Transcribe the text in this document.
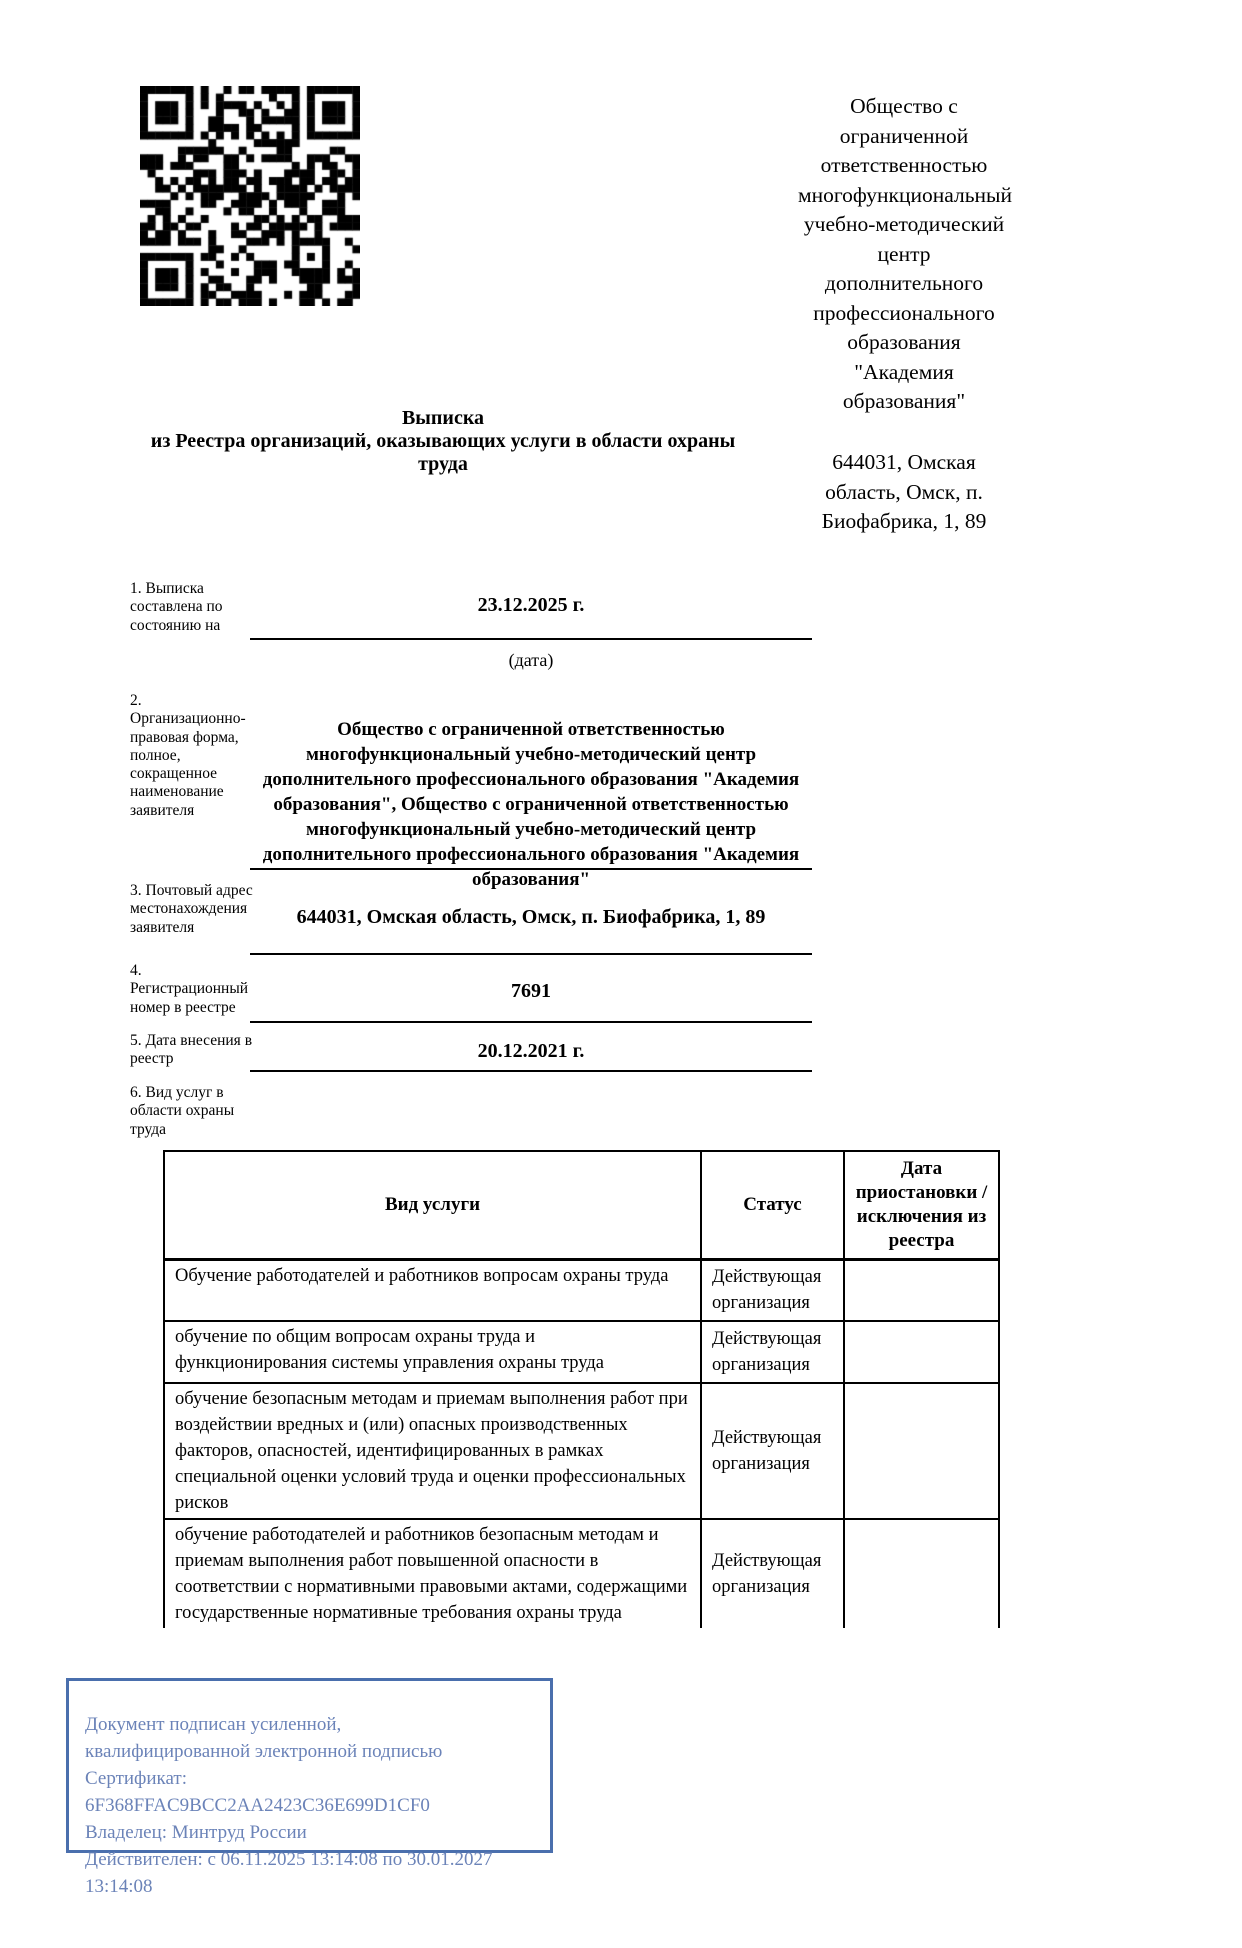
Общество с ограниченной ответственностью многофункциональный учебно-методический центр дополнительного профессионального образования "Академия образования"
Выписка
из Реестра организаций, оказывающих услуги в области охраны труда	644031, Омская область, Омск, п. Биофабрика, 1, 89
1. Выписка составлена по состоянию на
23.12.2025 г.
(дата)
2. Организационно-правовая форма, полное, сокращенное наименование заявителя
Общество с ограниченной ответственностью многофункциональный учебно-методический центр дополнительного профессионального образования "Академия образования", Общество с ограниченной ответственностью многофункциональный учебно-методический центр дополнительного профессионального образования "Академия образования"
3. Почтовый адрес местонахождения заявителя	644031, Омская область, Омск, п. Биофабрика, 1, 89
4. Регистрационный номер в реестре
7691
5. Дата внесения в реестр	20.12.2021 г.
6. Вид услуг в области охраны труда
Вид услуги	Статус	Дата приостановки / исключения из реестра
Обучение работодателей и работников вопросам охраны труда	Действующая организация	
обучение по общим вопросам охраны труда и функционирования системы управления охраны труда	Действующая организация	
обучение безопасным методам и приемам выполнения работ при воздействии вредных и (или) опасных производственных факторов, опасностей, идентифицированных в рамках специальной оценки условий труда и оценки профессиональных рисков	Действующая организация	
обучение работодателей и работников безопасным методам и приемам выполнения работ повышенной опасности в соответствии с нормативными правовыми актами, содержащими государственные нормативные требования охраны труда	Действующая организация	
Документ подписан усиленной, квалифицированной электронной подписью
Сертификат: 6F368FFAC9BCC2AA2423C36E699D1CF0
Владелец: Минтруд России
Действителен: с 06.11.2025 13:14:08 по 30.01.2027 13:14:08
